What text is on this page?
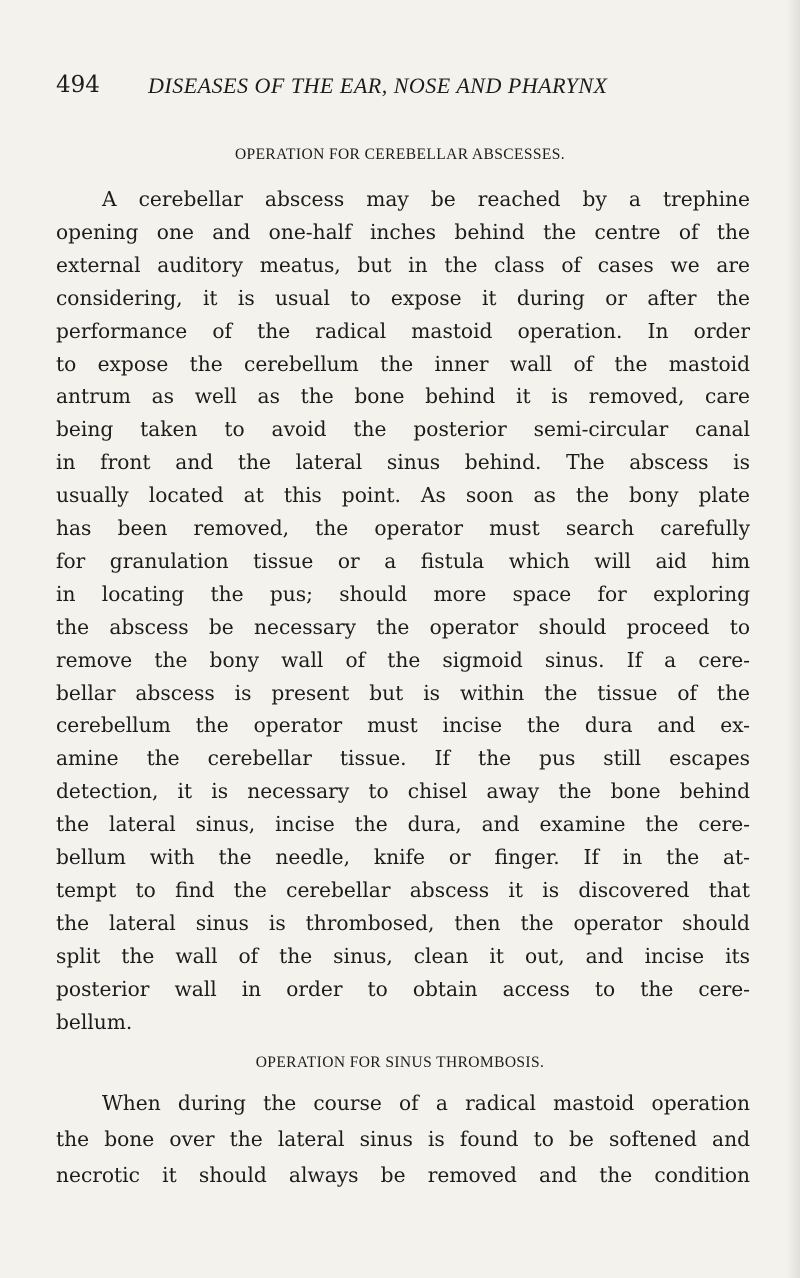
494 DISEASES OF THE EAR, NOSE AND PHARYNX
OPERATION FOR CEREBELLAR ABSCESSES.
A cerebellar abscess may be reached by a trephine
opening one and one-half inches behind the centre of the
external auditory meatus, but in the class of cases we are
considering, it is usual to expose it during or after the
performance of the radical mastoid operation. In order
to expose the cerebellum the inner wall of the mastoid
antrum as well as the bone behind it is removed, care
being taken to avoid the posterior semi-circular canal
in front and the lateral sinus behind. The abscess is
usually located at this point. As soon as the bony plate
has been removed, the operator must search carefully
for granulation tissue or a fistula which will aid him
in locating the pus; should more space for exploring
the abscess be necessary the operator should proceed to
remove the bony wall of the sigmoid sinus. If a cere-
bellar abscess is present but is within the tissue of the
cerebellum the operator must incise the dura and ex-
amine the cerebellar tissue. If the pus still escapes
detection, it is necessary to chisel away the bone behind
the lateral sinus, incise the dura, and examine the cere-
bellum with the needle, knife or finger. If in the at-
tempt to find the cerebellar abscess it is discovered that
the lateral sinus is thrombosed, then the operator should
split the wall of the sinus, clean it out, and incise its
posterior wall in order to obtain access to the cere-
bellum.
OPERATION FOR SINUS THROMBOSIS.
When during the course of a radical mastoid operation
the bone over the lateral sinus is found to be softened and
necrotic it should always be removed and the condition
